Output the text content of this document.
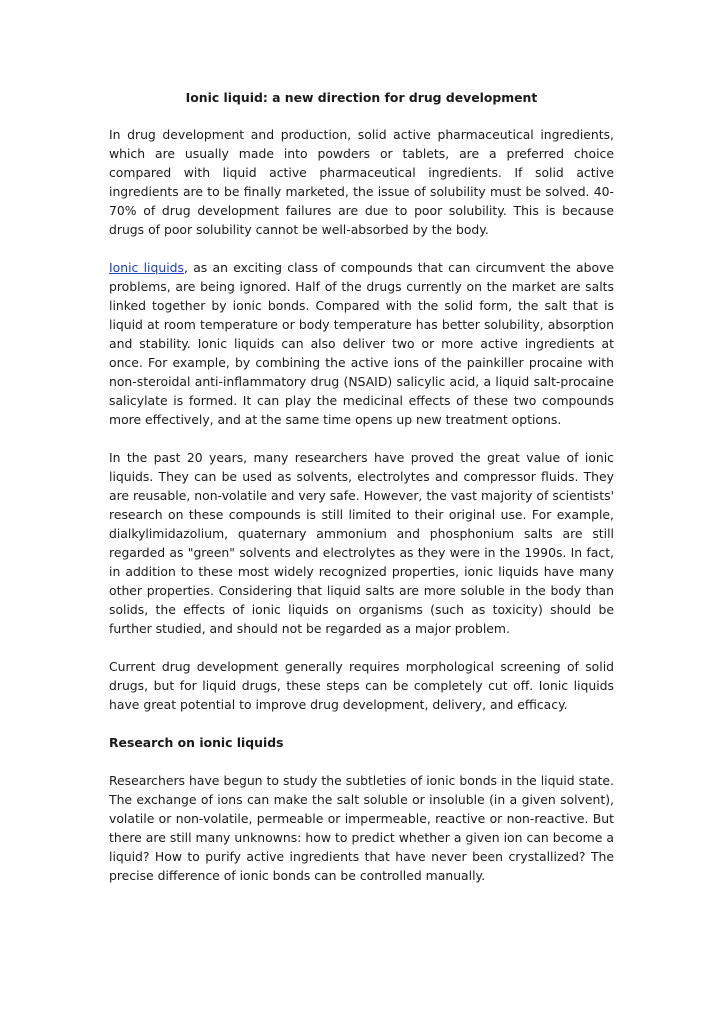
Ionic liquid: a new direction for drug development

In drug development and production, solid active pharmaceutical ingredients, which are usually made into powders or tablets, are a preferred choice compared with liquid active pharmaceutical ingredients. If solid active ingredients are to be finally marketed, the issue of solubility must be solved. 40-70% of drug development failures are due to poor solubility. This is because drugs of poor solubility cannot be well-absorbed by the body.

Ionic liquids, as an exciting class of compounds that can circumvent the above problems, are being ignored. Half of the drugs currently on the market are salts linked together by ionic bonds. Compared with the solid form, the salt that is liquid at room temperature or body temperature has better solubility, absorption and stability. Ionic liquids can also deliver two or more active ingredients at once. For example, by combining the active ions of the painkiller procaine with non-steroidal anti-inflammatory drug (NSAID) salicylic acid, a liquid salt-procaine salicylate is formed. It can play the medicinal effects of these two compounds more effectively, and at the same time opens up new treatment options.

In the past 20 years, many researchers have proved the great value of ionic liquids. They can be used as solvents, electrolytes and compressor fluids. They are reusable, non-volatile and very safe. However, the vast majority of scientists' research on these compounds is still limited to their original use. For example, dialkylimidazolium, quaternary ammonium and phosphonium salts are still regarded as "green" solvents and electrolytes as they were in the 1990s. In fact, in addition to these most widely recognized properties, ionic liquids have many other properties. Considering that liquid salts are more soluble in the body than solids, the effects of ionic liquids on organisms (such as toxicity) should be further studied, and should not be regarded as a major problem.

Current drug development generally requires morphological screening of solid drugs, but for liquid drugs, these steps can be completely cut off. Ionic liquids have great potential to improve drug development, delivery, and efficacy.

Research on ionic liquids

Researchers have begun to study the subtleties of ionic bonds in the liquid state. The exchange of ions can make the salt soluble or insoluble (in a given solvent), volatile or non-volatile, permeable or impermeable, reactive or non-reactive. But there are still many unknowns: how to predict whether a given ion can become a liquid? How to purify active ingredients that have never been crystallized? The precise difference of ionic bonds can be controlled manually.
